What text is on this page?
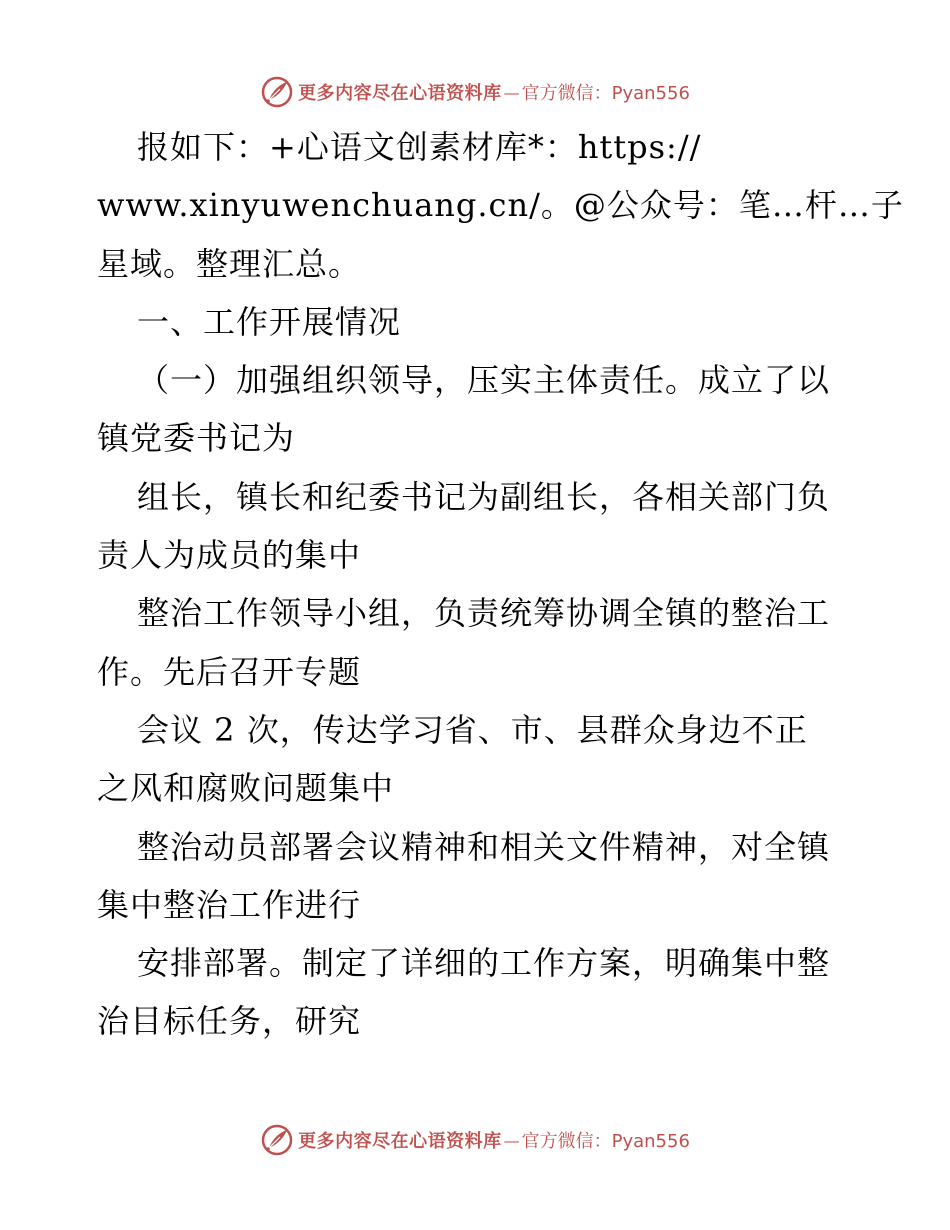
更多内容尽在心语资料库 — 官方微信：Pyan556
报如下：+心语文创素材库*：https://
www.xinyuwenchuang.cn/。@公众号：笔…杆…子
星域。整理汇总。
一、工作开展情况
（一）加强组织领导，压实主体责任。成立了以
镇党委书记为
组长，镇长和纪委书记为副组长，各相关部门负
责人为成员的集中
整治工作领导小组，负责统筹协调全镇的整治工
作。先后召开专题
会议 2 次，传达学习省、市、县群众身边不正
之风和腐败问题集中
整治动员部署会议精神和相关文件精神，对全镇
集中整治工作进行
安排部署。制定了详细的工作方案，明确集中整
治目标任务，研究
更多内容尽在心语资料库 — 官方微信：Pyan556
